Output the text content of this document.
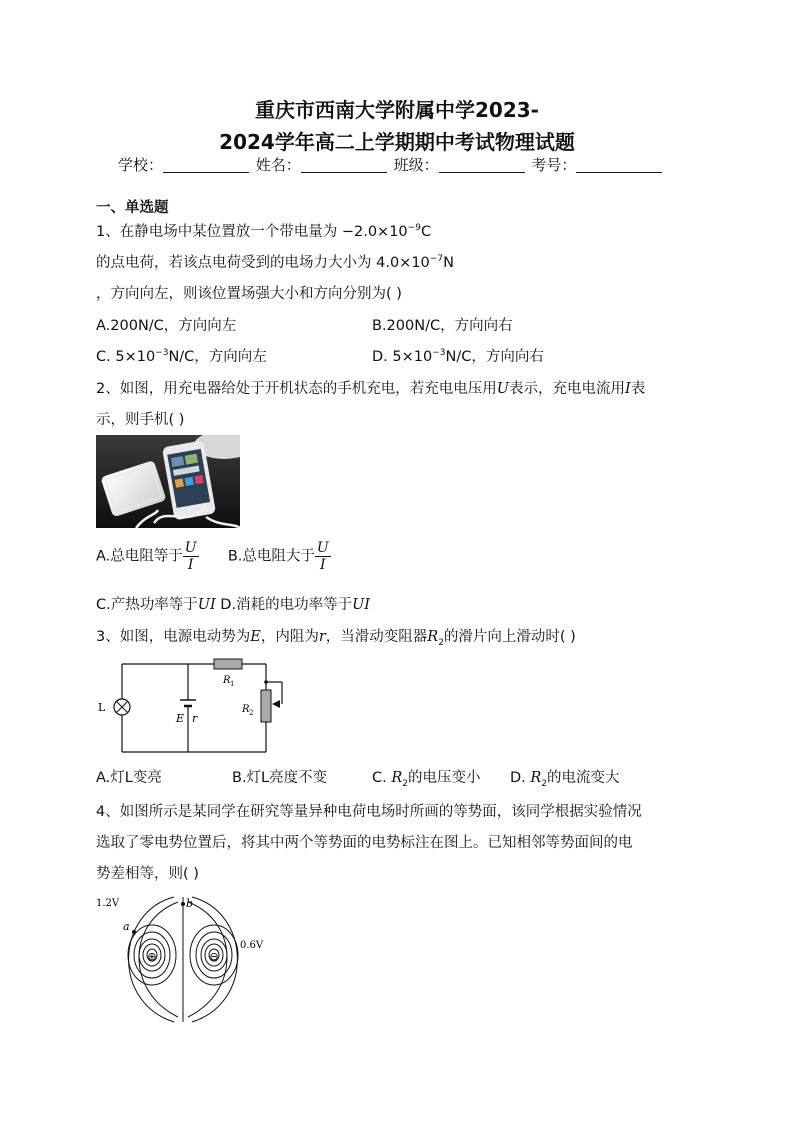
重庆市西南大学附属中学2023-
2024学年高二上学期期中考试物理试题
学校：	姓名：	班级：	考号：
一、单选题
1、在静电场中某位置放一个带电量为 $-2.0\times 10^{-9}C$
的点电荷，若该点电荷受到的电场力大小为 $4.0\times 10^{-7}N$
，方向向左，则该位置场强大小和方向分别为( )
A.200N/C，方向向左	B.200N/C，方向向右
C. $5\times 10^{-3}N/C$，方向向左	D. $5\times 10^{-3}N/C$，方向向右
2、如图，用充电器给处于开机状态的手机充电，若充电电压用U表示，充电电流用I表
示，则手机( )
A.总电阻等于 $\frac{U}{I} B$.总电阻大于 $\frac{U}{I}$
C.产热功率等于UI D.消耗的电功率等于UI
3、如图，电源电动势为E，内阻为r，当滑动变阻器$R_2$的滑片向上滑动时( )
L
R 1
R 2
E r
A.灯L变亮	B.灯L亮度不变	C. $R_2$的电压变小 D. $R_2$的电流变大
4、如图所示是某同学在研究等量异种电荷电场时所画的等势面，该同学根据实验情况
选取了零电势位置后，将其中两个等势面的电势标注在图上。已知相邻等势面间的电
势差相等，则( )
⊕	⊖
1.2V
0.6V
a
b
